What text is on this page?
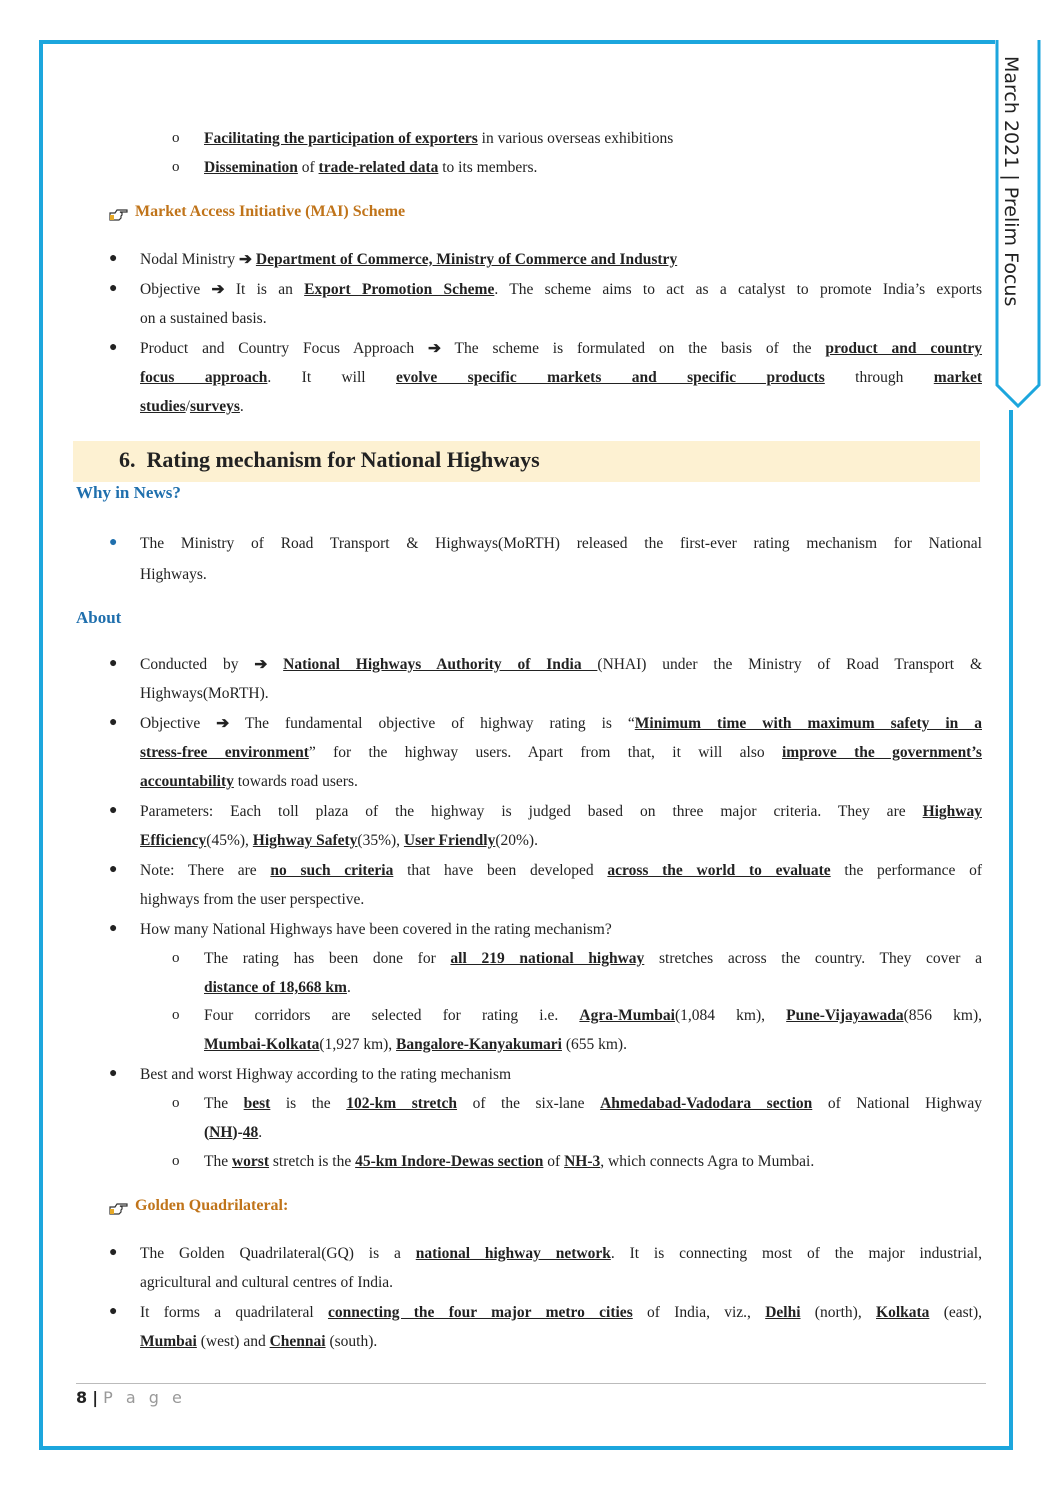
March 2021 | Prelim Focus
o Facilitating the participation of exporters in various overseas exhibitions
o Dissemination of trade-related data to its members.
Market Access Initiative (MAI) Scheme
● Nodal Ministry ➔ Department of Commerce, Ministry of Commerce and Industry
● Objective ➔ It is an Export Promotion Scheme. The scheme aims to act as a catalyst to promote India’s exports
on a sustained basis.
● Product and Country Focus Approach ➔ The scheme is formulated on the basis of the product and country
focus approach. It will evolve specific markets and specific products through market
studies/surveys.
6. Rating mechanism for National Highways
Why in News?
● The Ministry of Road Transport & Highways(MoRTH) released the first-ever rating mechanism for National
Highways.
About
● Conducted by ➔ National Highways Authority of India (NHAI) under the Ministry of Road Transport &
Highways(MoRTH).
● Objective ➔ The fundamental objective of highway rating is “Minimum time with maximum safety in a
stress-free environment” for the highway users. Apart from that, it will also improve the government’s
accountability towards road users.
● Parameters: Each toll plaza of the highway is judged based on three major criteria. They are Highway
Efficiency(45%), Highway Safety(35%), User Friendly(20%).
● Note: There are no such criteria that have been developed across the world to evaluate the performance of
highways from the user perspective.
● How many National Highways have been covered in the rating mechanism?
o The rating has been done for all 219 national highway stretches across the country. They cover a
distance of 18,668 km.
o Four corridors are selected for rating i.e. Agra-Mumbai(1,084 km), Pune-Vijayawada(856 km),
Mumbai-Kolkata(1,927 km), Bangalore-Kanyakumari (655 km).
● Best and worst Highway according to the rating mechanism
o The best is the 102-km stretch of the six-lane Ahmedabad-Vadodara section of National Highway
(NH)-48.
o The worst stretch is the 45-km Indore-Dewas section of NH-3, which connects Agra to Mumbai.
Golden Quadrilateral:
● The Golden Quadrilateral(GQ) is a national highway network. It is connecting most of the major industrial,
agricultural and cultural centres of India.
● It forms a quadrilateral connecting the four major metro cities of India, viz., Delhi (north), Kolkata (east),
Mumbai (west) and Chennai (south).
8 | P a g e
